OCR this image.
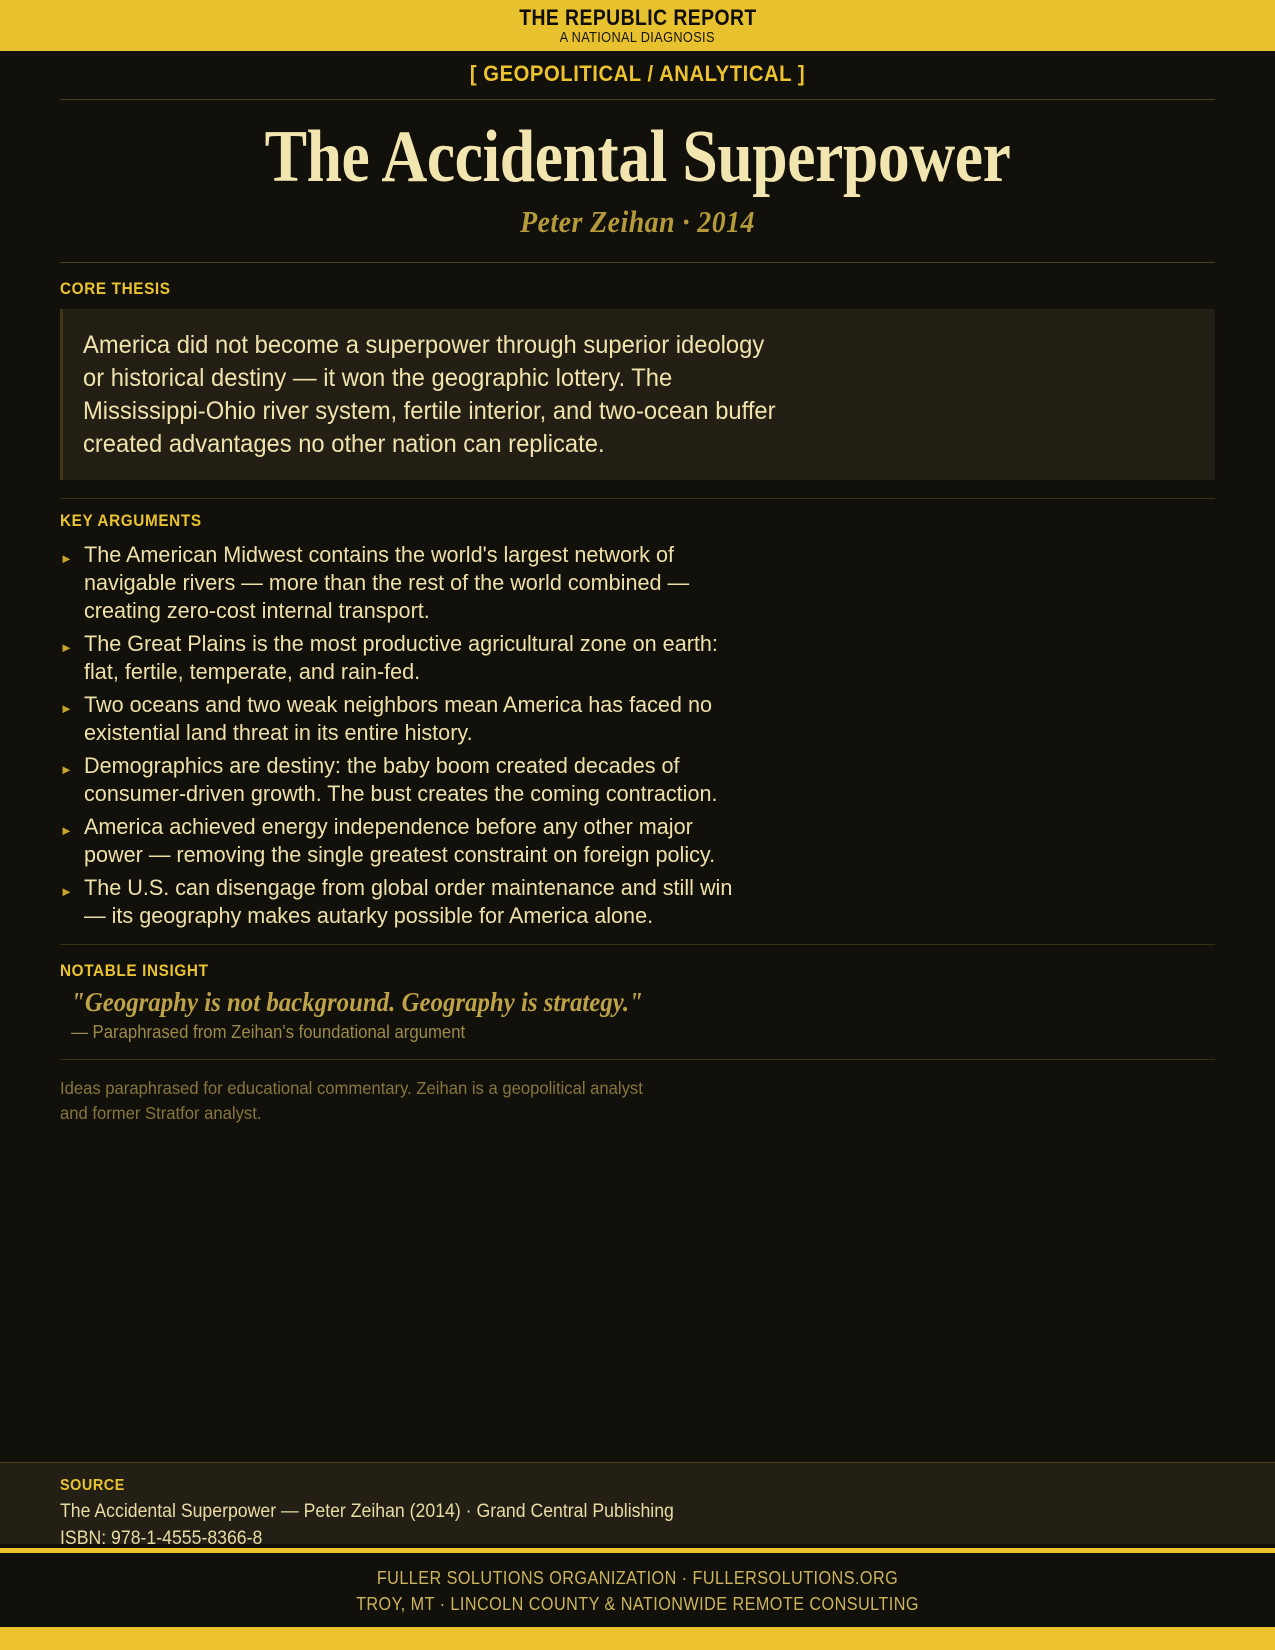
THE REPUBLIC REPORT
A NATIONAL DIAGNOSIS
[ GEOPOLITICAL / ANALYTICAL ]
The Accidental Superpower
Peter Zeihan · 2014
CORE THESIS
America did not become a superpower through superior ideology or historical destiny — it won the geographic lottery. The Mississippi-Ohio river system, fertile interior, and two-ocean buffer created advantages no other nation can replicate.
KEY ARGUMENTS
► The American Midwest contains the world's largest network of navigable rivers — more than the rest of the world combined — creating zero-cost internal transport.
► The Great Plains is the most productive agricultural zone on earth: flat, fertile, temperate, and rain-fed.
► Two oceans and two weak neighbors mean America has faced no existential land threat in its entire history.
► Demographics are destiny: the baby boom created decades of consumer-driven growth. The bust creates the coming contraction.
► America achieved energy independence before any other major power — removing the single greatest constraint on foreign policy.
► The U.S. can disengage from global order maintenance and still win — its geography makes autarky possible for America alone.
NOTABLE INSIGHT
"Geography is not background. Geography is strategy."
— Paraphrased from Zeihan's foundational argument
Ideas paraphrased for educational commentary. Zeihan is a geopolitical analyst and former Stratfor analyst.
SOURCE
The Accidental Superpower — Peter Zeihan (2014) · Grand Central Publishing
ISBN: 978-1-4555-8366-8
FULLER SOLUTIONS ORGANIZATION · FULLERSOLUTIONS.ORG
TROY, MT · LINCOLN COUNTY & NATIONWIDE REMOTE CONSULTING
